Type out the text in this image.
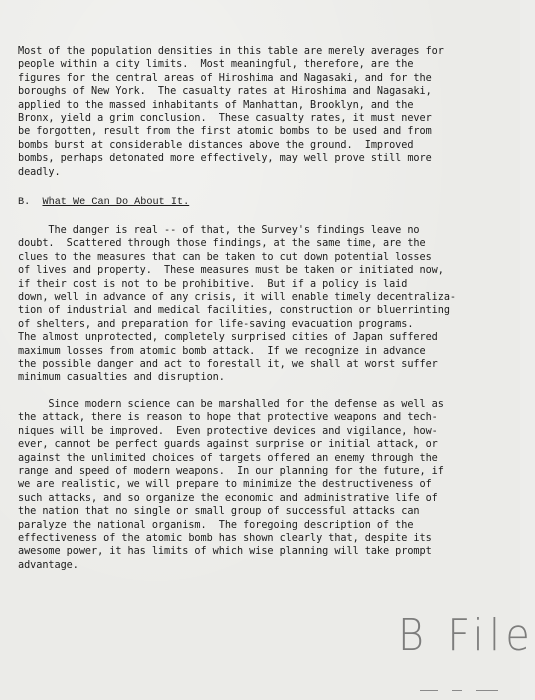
Most of the population densities in this table are merely averages for
people within a city limits.  Most meaningful, therefore, are the
figures for the central areas of Hiroshima and Nagasaki, and for the
boroughs of New York.  The casualty rates at Hiroshima and Nagasaki,
applied to the massed inhabitants of Manhattan, Brooklyn, and the
Bronx, yield a grim conclusion.  These casualty rates, it must never
be forgotten, result from the first atomic bombs to be used and from
bombs burst at considerable distances above the ground.  Improved
bombs, perhaps detonated more effectively, may well prove still more
deadly.
B. What We Can Do About It.
The danger is real -- of that, the Survey's findings leave no
doubt.  Scattered through those findings, at the same time, are the
clues to the measures that can be taken to cut down potential losses
of lives and property.  These measures must be taken or initiated now,
if their cost is not to be prohibitive.  But if a policy is laid
down, well in advance of any crisis, it will enable timely decentraliza-
tion of industrial and medical facilities, construction or bluerrinting
of shelters, and preparation for life-saving evacuation programs.
The almost unprotected, completely surprised cities of Japan suffered
maximum losses from atomic bomb attack.  If we recognize in advance
the possible danger and act to forestall it, we shall at worst suffer
minimum casualties and disruption.
Since modern science can be marshalled for the defense as well as
the attack, there is reason to hope that protective weapons and tech-
niques will be improved.  Even protective devices and vigilance, how-
ever, cannot be perfect guards against surprise or initial attack, or
against the unlimited choices of targets offered an enemy through the
range and speed of modern weapons.  In our planning for the future, if
we are realistic, we will prepare to minimize the destructiveness of
such attacks, and so organize the economic and administrative life of
the nation that no single or small group of successful attacks can
paralyze the national organism.  The foregoing description of the
effectiveness of the atomic bomb has shown clearly that, despite its
awesome power, it has limits of which wise planning will take prompt
advantage.
B File
